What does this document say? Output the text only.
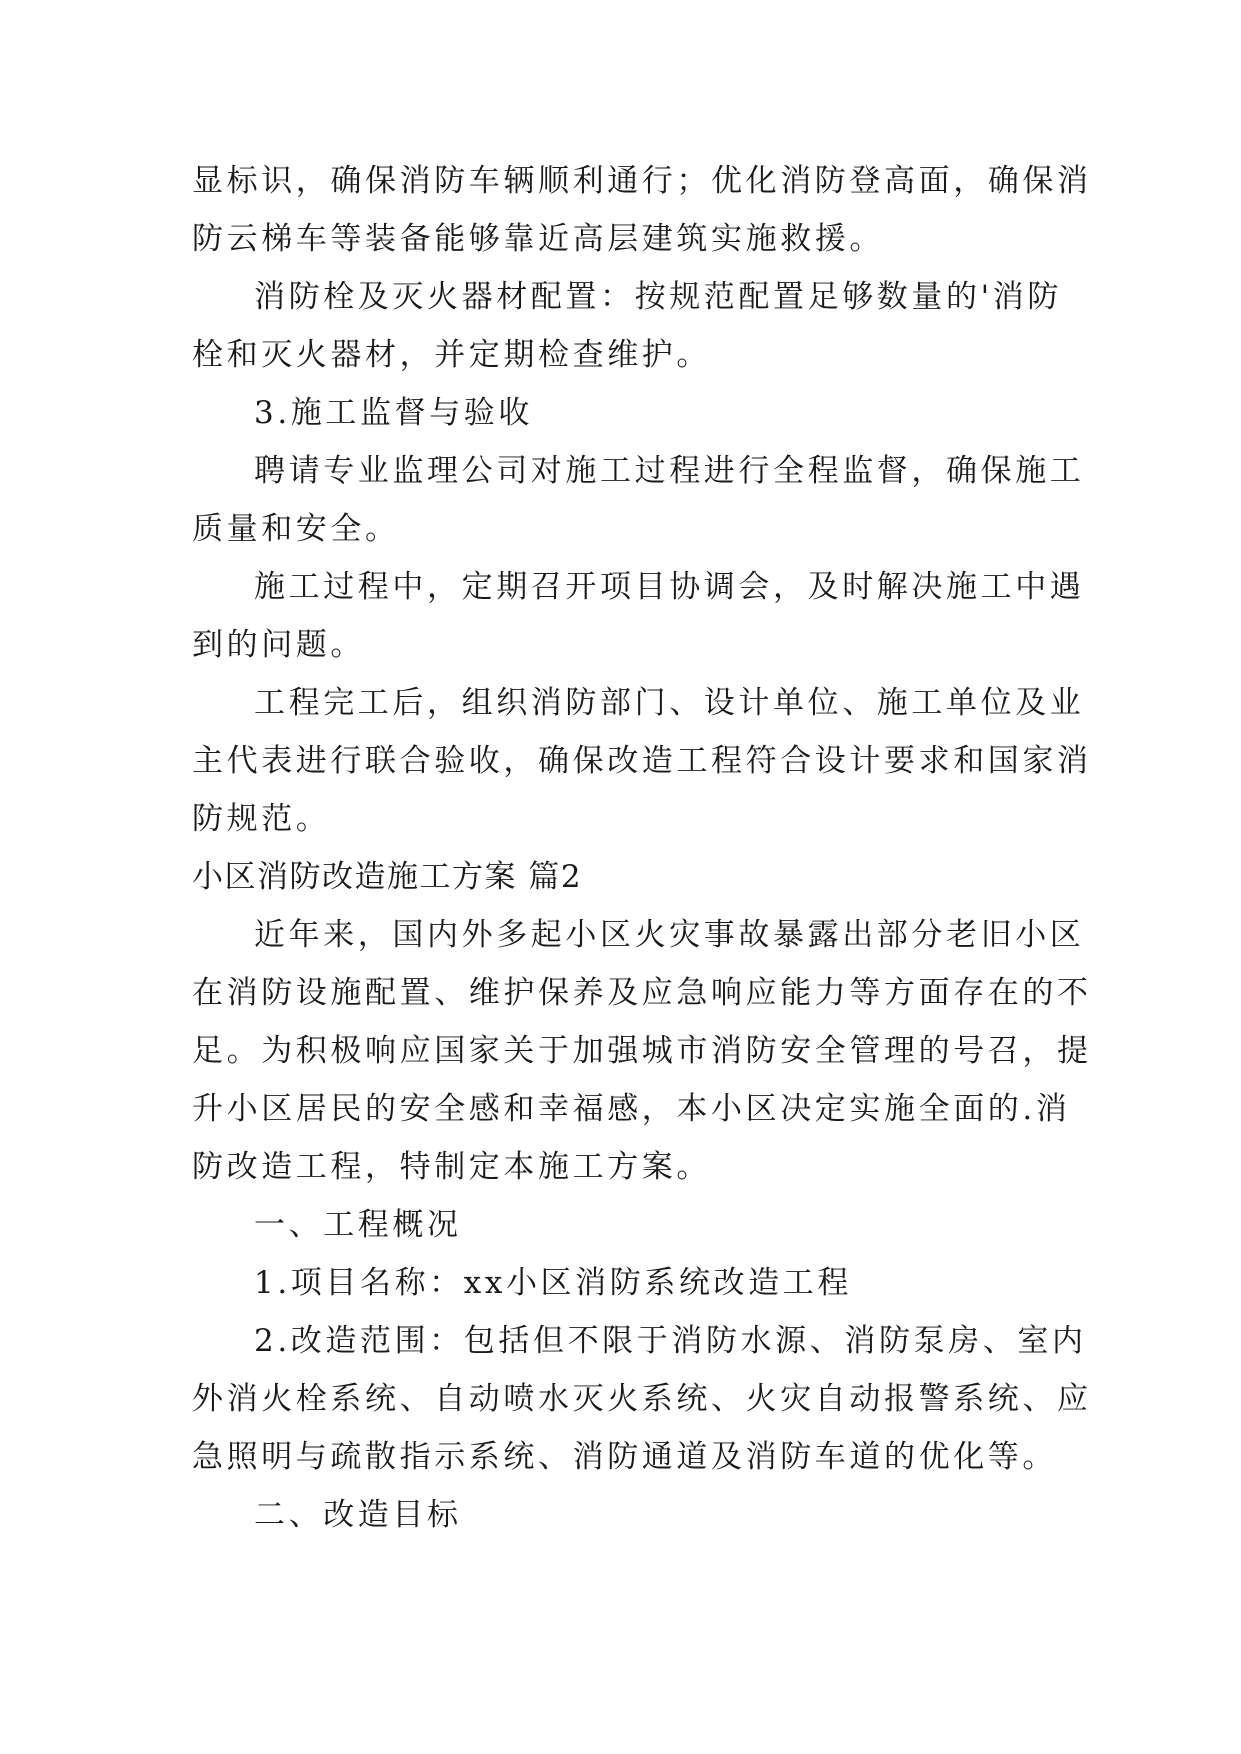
显标识，确保消防车辆顺利通行；优化消防登高面，确保消
防云梯车等装备能够靠近高层建筑实施救援。
消防栓及灭火器材配置：按规范配置足够数量的'消防
栓和灭火器材，并定期检查维护。
3.施工监督与验收
聘请专业监理公司对施工过程进行全程监督，确保施工
质量和安全。
施工过程中，定期召开项目协调会，及时解决施工中遇
到的问题。
工程完工后，组织消防部门、设计单位、施工单位及业
主代表进行联合验收，确保改造工程符合设计要求和国家消
防规范。
小区消防改造施工方案 篇2
近年来，国内外多起小区火灾事故暴露出部分老旧小区
在消防设施配置、维护保养及应急响应能力等方面存在的不
足。为积极响应国家关于加强城市消防安全管理的号召，提
升小区居民的安全感和幸福感，本小区决定实施全面的.消
防改造工程，特制定本施工方案。
一、工程概况
1.项目名称：xx小区消防系统改造工程
2.改造范围：包括但不限于消防水源、消防泵房、室内
外消火栓系统、自动喷水灭火系统、火灾自动报警系统、应
急照明与疏散指示系统、消防通道及消防车道的优化等。
二、改造目标
